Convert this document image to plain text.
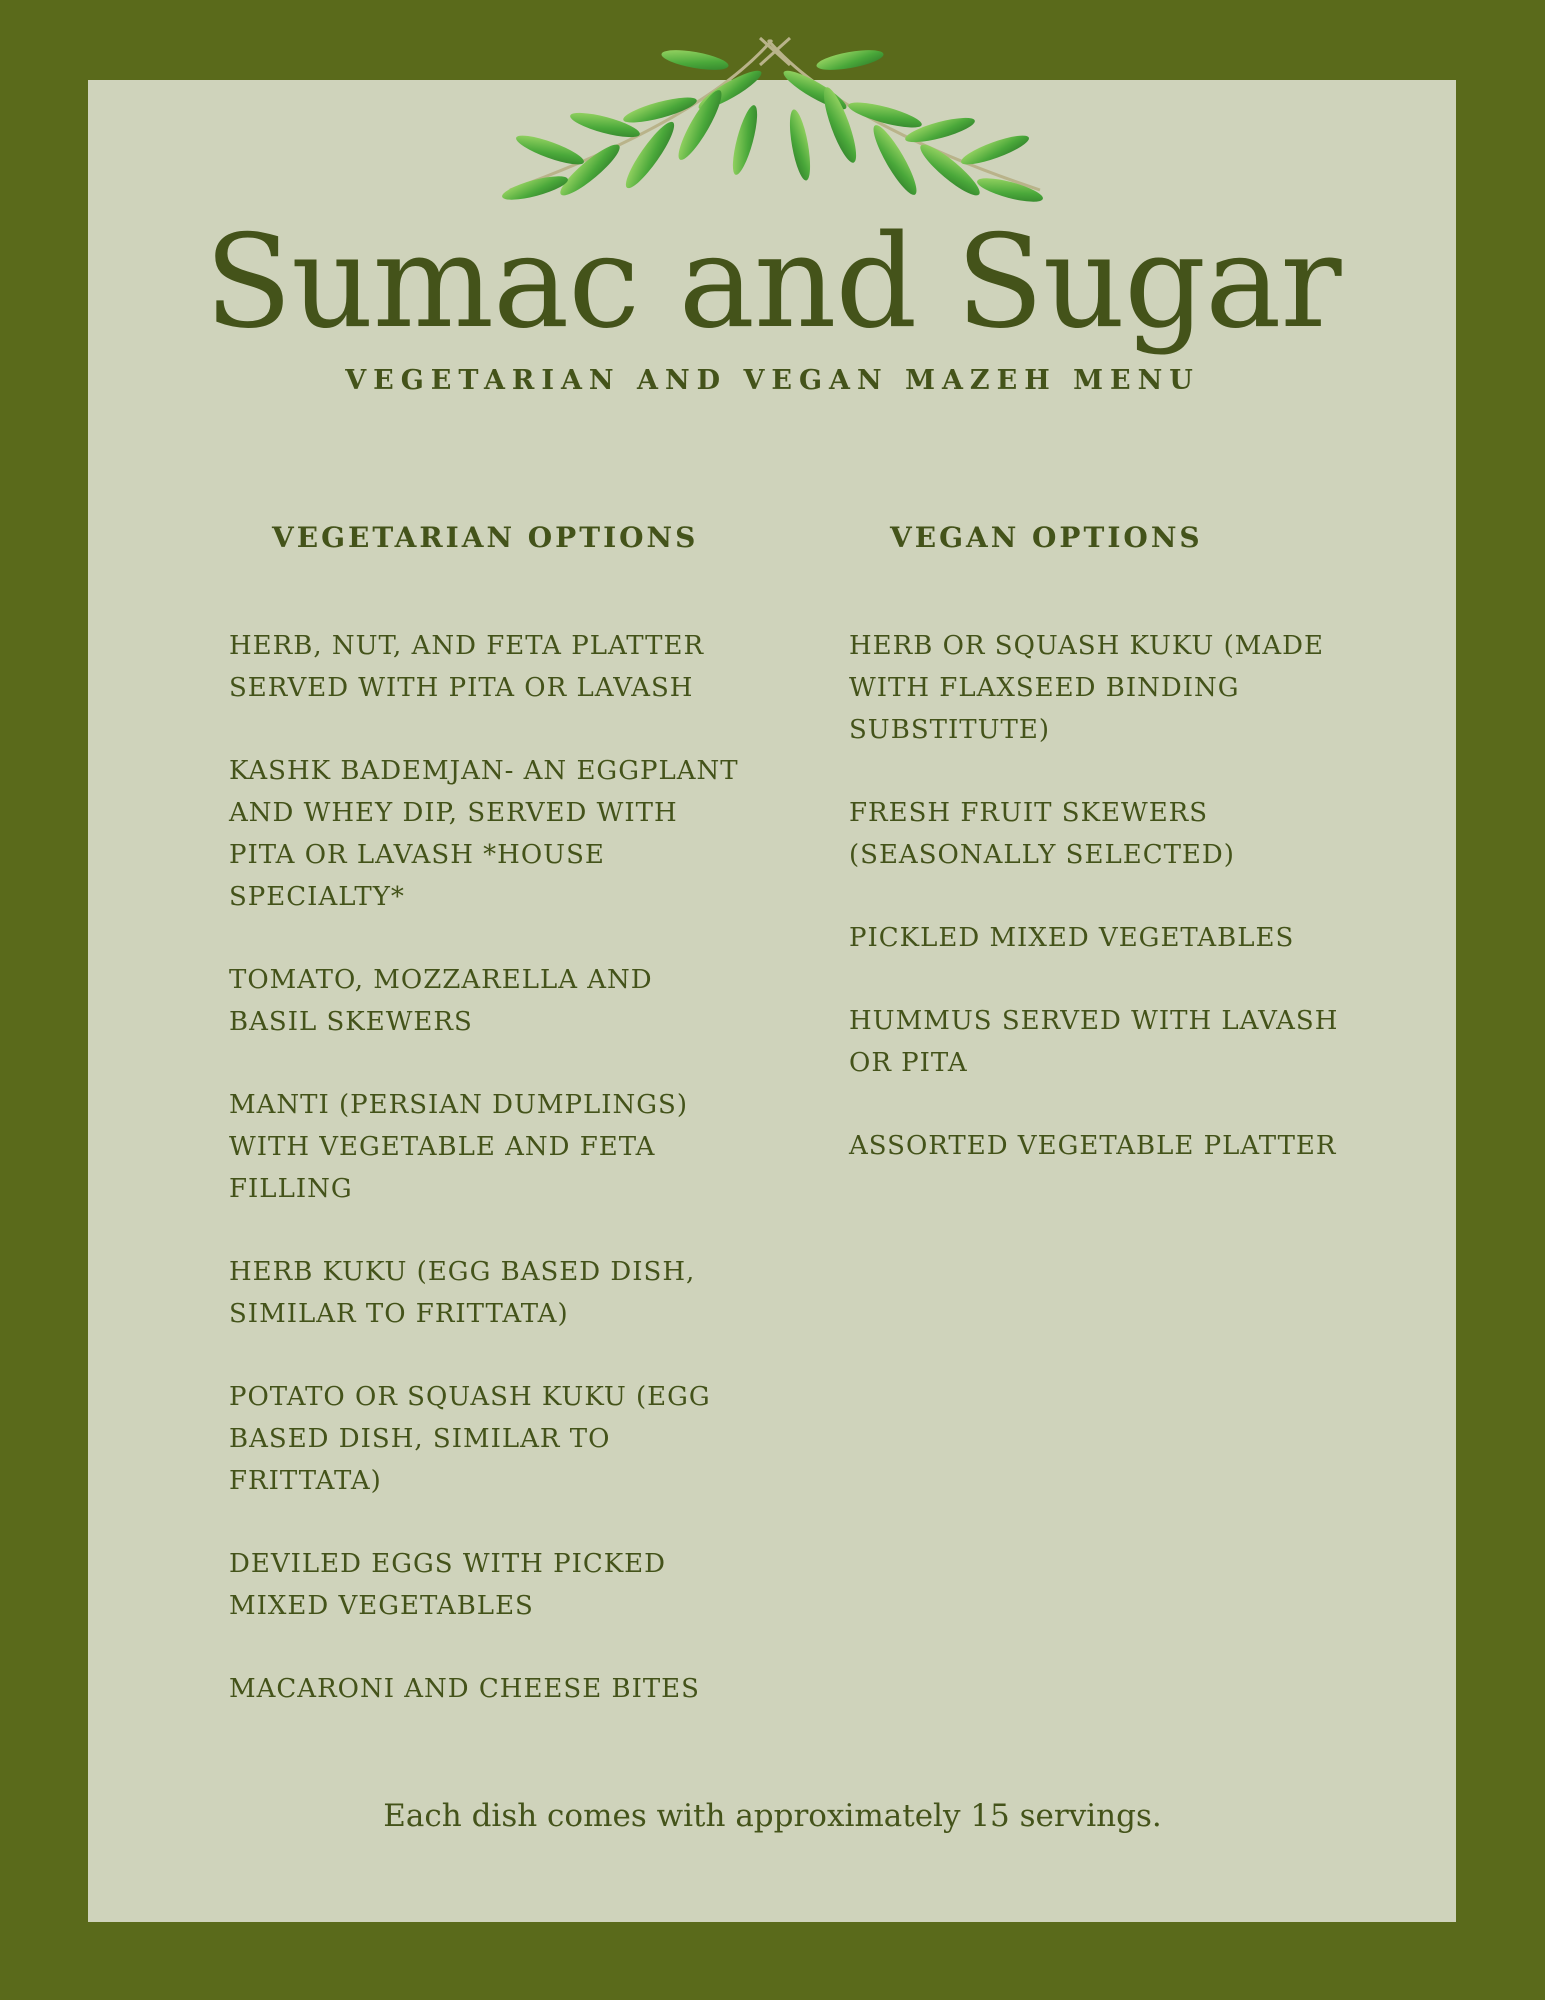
Sumac and Sugar
VEGETARIAN AND VEGAN MAZEH MENU
VEGETARIAN OPTIONS	VEGAN OPTIONS
HERB, NUT, AND FETA PLATTER SERVED WITH PITA OR LAVASH
KASHK BADEMJAN- AN EGGPLANT AND WHEY DIP, SERVED WITH PITA OR LAVASH *HOUSE SPECIALTY*
TOMATO, MOZZARELLA AND BASIL SKEWERS
MANTI (PERSIAN DUMPLINGS) WITH VEGETABLE AND FETA FILLING
HERB KUKU (EGG BASED DISH, SIMILAR TO FRITTATA)
POTATO OR SQUASH KUKU (EGG BASED DISH, SIMILAR TO FRITTATA)
DEVILED EGGS WITH PICKED MIXED VEGETABLES
MACARONI AND CHEESE BITES
HERB OR SQUASH KUKU (MADE WITH FLAXSEED BINDING SUBSTITUTE)
FRESH FRUIT SKEWERS (SEASONALLY SELECTED)
PICKLED MIXED VEGETABLES
HUMMUS SERVED WITH LAVASH OR PITA
ASSORTED VEGETABLE PLATTER
Each dish comes with approximately 15 servings.
